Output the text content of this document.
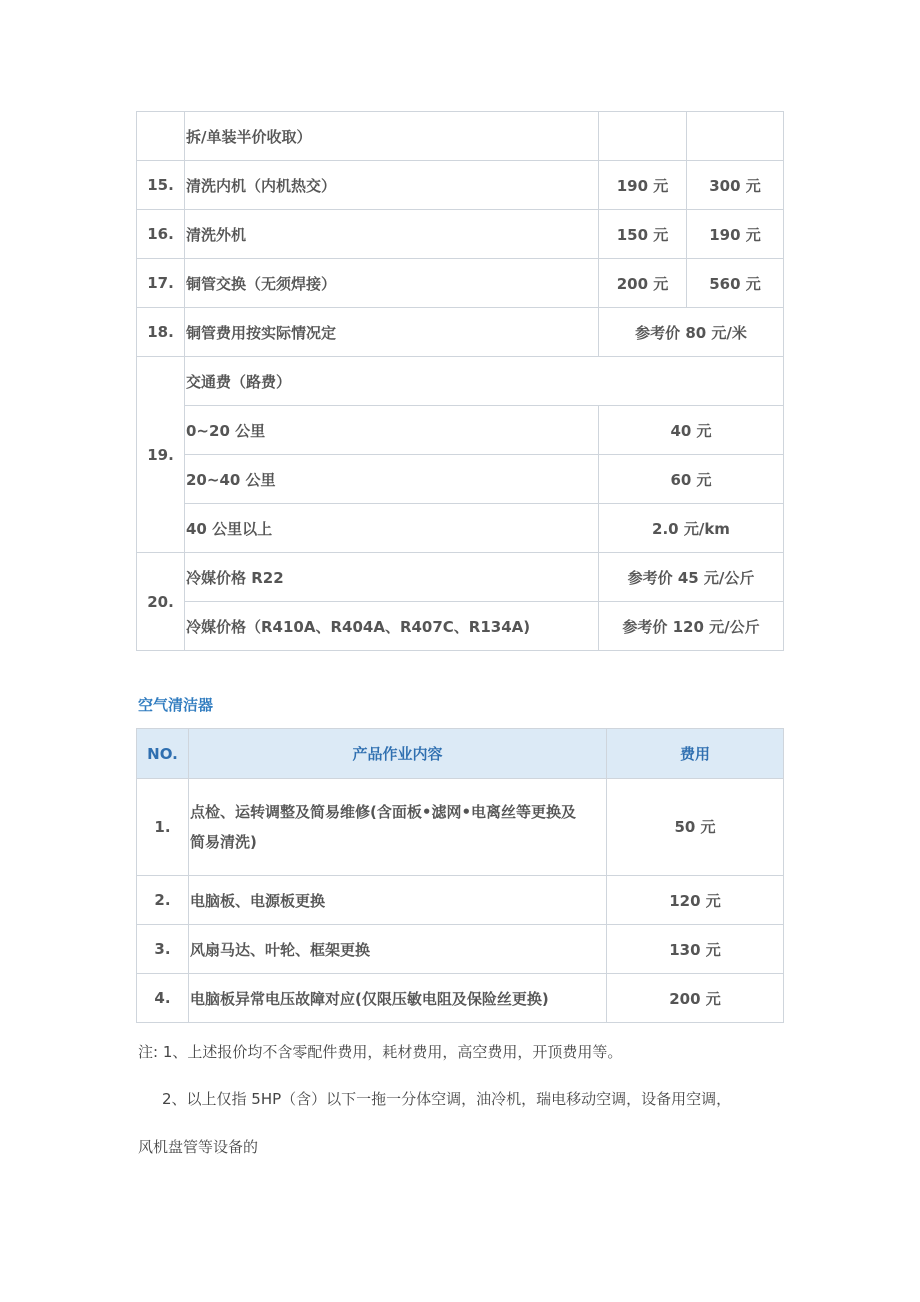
	拆/单装半价收取）		
15.	清洗内机（内机热交）	190 元	300 元
16.	清洗外机	150 元	190 元
17.	铜管交换（无须焊接）	200 元	560 元
18.	铜管费用按实际情况定	参考价 80 元/米	
19.	交通费（路费）		
	0~20 公里	40 元	
	20~40 公里	60 元	
	40 公里以上	2.0 元/km	
20.	冷媒价格 R22	参考价 45 元/公斤	
	冷媒价格（R410A、R404A、R407C、R134A)	参考价 120 元/公斤	
空气清洁器
NO.	产品作业内容	费用
1.	点检、运转调整及简易维修(含面板•滤网•电离丝等更换及
简易清洗)	50 元
2.	电脑板、电源板更换	120 元
3.	风扇马达、叶轮、框架更换	130 元
4.	电脑板异常电压故障对应(仅限压敏电阻及保险丝更换)	200 元
注: 1、上述报价均不含零配件费用，耗材费用，高空费用，开顶费用等。
2、以上仅指 5HP（含）以下一拖一分体空调，油冷机，瑞电移动空调，设备用空调，
风机盘管等设备的
